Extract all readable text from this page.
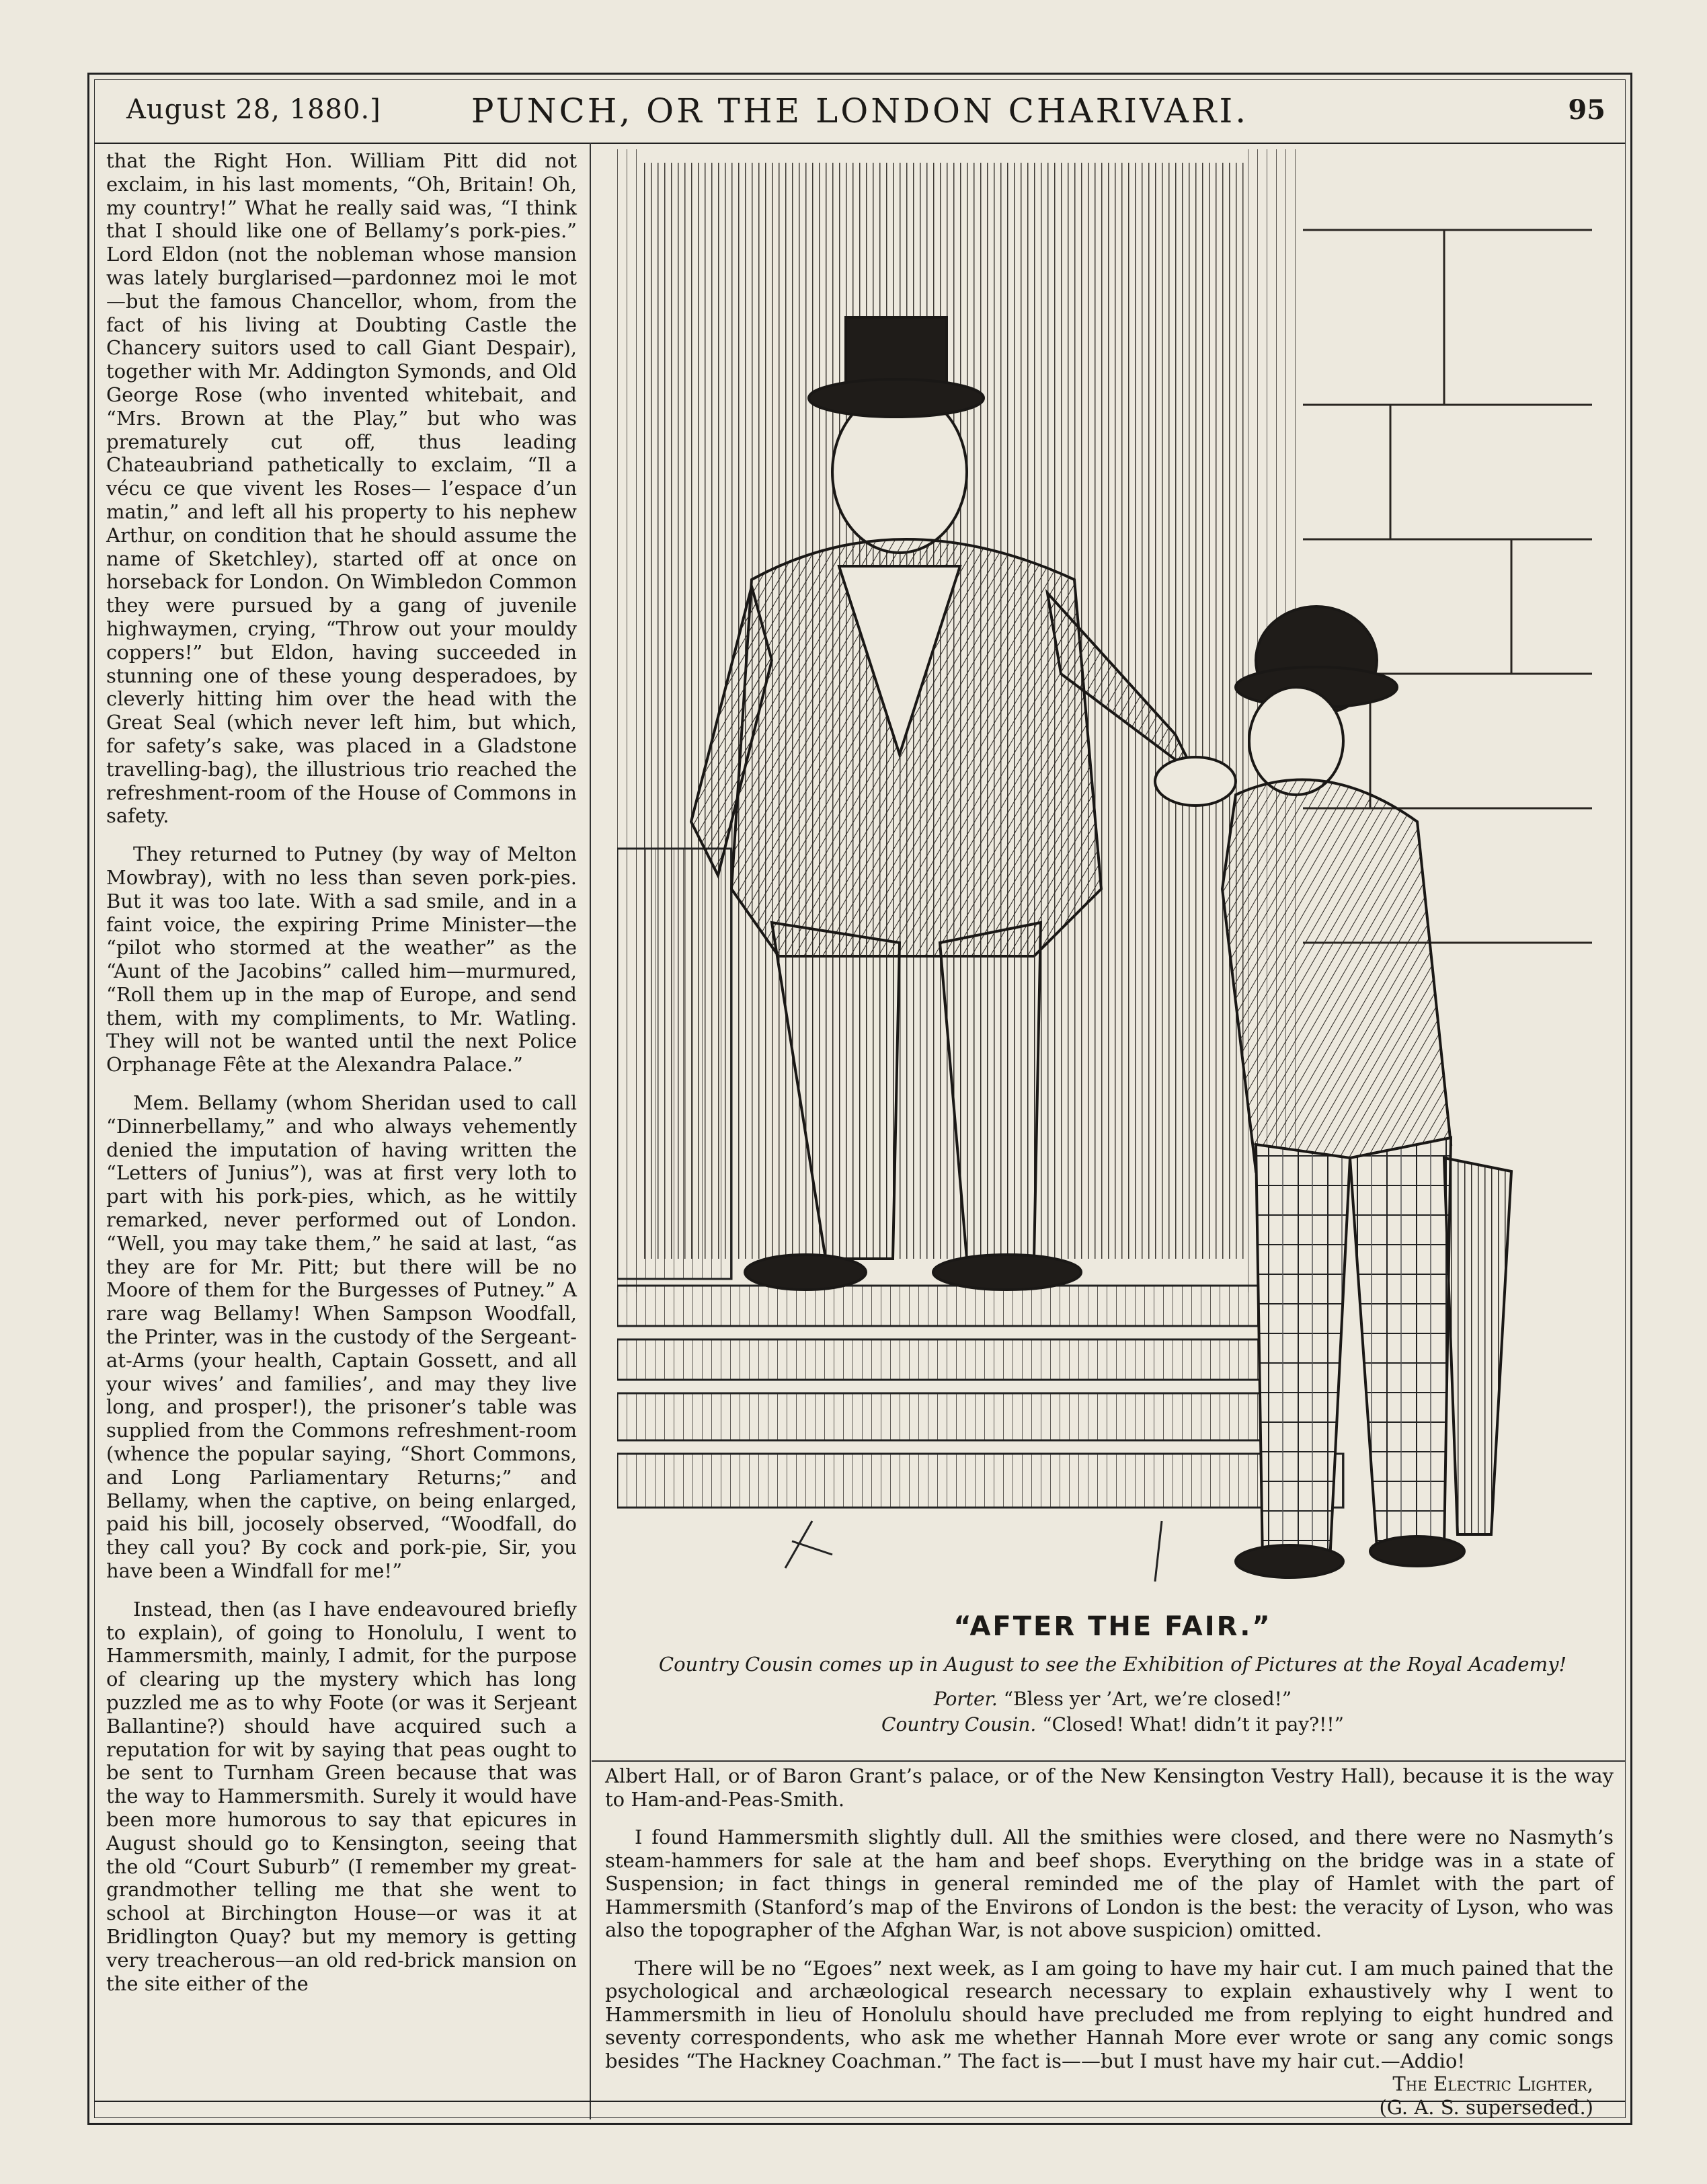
August 28, 1880.]	PUNCH, OR THE LONDON CHARIVARI.	95

that the Right Hon. William Pitt did not exclaim, in his last moments, “Oh, Britain! Oh, my country!” What he really said was, “I think that I should like one of Bellamy’s pork-pies.” Lord Eldon (not the nobleman whose mansion was lately burglarised—pardonnez moi le mot—but the famous Chancellor, whom, from the fact of his living at Doubting Castle the Chancery suitors used to call Giant Despair), together with Mr. Addington Symonds, and Old George Rose (who invented whitebait, and “Mrs. Brown at the Play,” but who was prematurely cut off, thus leading Chateaubriand pathetically to exclaim, “Il a vécu ce que vivent les Roses— l’espace d’un matin,” and left all his property to his nephew Arthur, on condition that he should assume the name of Sketchley), started off at once on horseback for London. On Wimbledon Common they were pursued by a gang of juvenile highwaymen, crying, “Throw out your mouldy coppers!” but Eldon, having succeeded in stunning one of these young desperadoes, by cleverly hitting him over the head with the Great Seal (which never left him, but which, for safety’s sake, was placed in a Gladstone travelling-bag), the illustrious trio reached the refreshment-room of the House of Commons in safety.

They returned to Putney (by way of Melton Mowbray), with no less than seven pork-pies. But it was too late. With a sad smile, and in a faint voice, the expiring Prime Minister—the “pilot who stormed at the weather” as the “Aunt of the Jacobins” called him—murmured, “Roll them up in the map of Europe, and send them, with my compliments, to Mr. Watling. They will not be wanted until the next Police Orphanage Fête at the Alexandra Palace.”

Mem. Bellamy (whom Sheridan used to call “Dinnerbellamy,” and who always vehemently denied the imputation of having written the “Letters of Junius”), was at first very loth to part with his pork-pies, which, as he wittily remarked, never performed out of London. “Well, you may take them,” he said at last, “as they are for Mr. Pitt; but there will be no Moore of them for the Burgesses of Putney.” A rare wag Bellamy! When Sampson Woodfall, the Printer, was in the custody of the Sergeant-at-Arms (your health, Captain Gossett, and all your wives’ and families’, and may they live long, and prosper!), the prisoner’s table was supplied from the Commons refreshment-room (whence the popular saying, “Short Commons, and Long Parliamentary Returns;” and Bellamy, when the captive, on being enlarged, paid his bill, jocosely observed, “Woodfall, do they call you? By cock and pork-pie, Sir, you have been a Windfall for me!”

Instead, then (as I have endeavoured briefly to explain), of going to Honolulu, I went to Hammersmith, mainly, I admit, for the purpose of clearing up the mystery which has long puzzled me as to why Foote (or was it Serjeant Ballantine?) should have acquired such a reputation for wit by saying that peas ought to be sent to Turnham Green because that was the way to Hammersmith. Surely it would have been more humorous to say that epicures in August should go to Kensington, seeing that the old “Court Suburb” (I remember my great-grandmother telling me that she went to school at Birchington House—or was it at Bridlington Quay? but my memory is getting very treacherous—an old red-brick mansion on the site either of the

“AFTER THE FAIR.”
Country Cousin comes up in August to see the Exhibition of Pictures at the Royal Academy!
Porter. “Bless yer ’Art, we’re closed!”
Country Cousin. “Closed! What! didn’t it pay?!!”

Albert Hall, or of Baron Grant’s palace, or of the New Kensington Vestry Hall), because it is the way to Ham-and-Peas-Smith.

I found Hammersmith slightly dull. All the smithies were closed, and there were no Nasmyth’s steam-hammers for sale at the ham and beef shops. Everything on the bridge was in a state of Suspension; in fact things in general reminded me of the play of Hamlet with the part of Hammersmith (Stanford’s map of the Environs of London is the best: the veracity of Lyson, who was also the topographer of the Afghan War, is not above suspicion) omitted.

There will be no “Egoes” next week, as I am going to have my hair cut. I am much pained that the psychological and archæological research necessary to explain exhaustively why I went to Hammersmith in lieu of Honolulu should have precluded me from replying to eight hundred and seventy correspondents, who ask me whether Hannah More ever wrote or sang any comic songs besides “The Hackney Coachman.” The fact is——but I must have my hair cut.—Addio!

The Electric Lighter,
(G. A. S. superseded.)
